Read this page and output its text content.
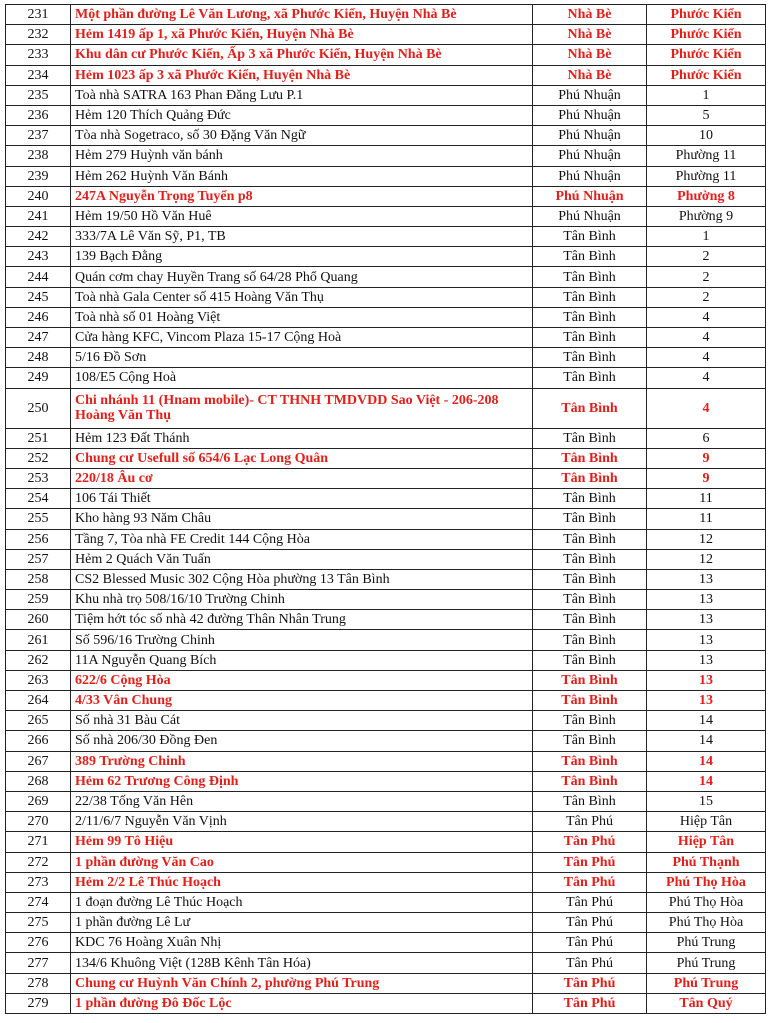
231	Một phần đường Lê Văn Lương, xã Phước Kiển, Huyện Nhà Bè	Nhà Bè	Phước Kiển
232	Hẻm 1419 ấp 1, xã Phước Kiển, Huyện Nhà Bè	Nhà Bè	Phước Kiển
233	Khu dân cư Phước Kiển, Ấp 3 xã Phước Kiển, Huyện Nhà Bè	Nhà Bè	Phước Kiển
234	Hẻm 1023 ấp 3 xã Phước Kiển, Huyện Nhà Bè	Nhà Bè	Phước Kiển
235	Toà nhà SATRA 163 Phan Đăng Lưu P.1	Phú Nhuận	1
236	Hẻm 120 Thích Quảng Đức	Phú Nhuận	5
237	Tòa nhà Sogetraco, số 30 Đặng Văn Ngữ	Phú Nhuận	10
238	Hẻm 279 Huỳnh văn bánh	Phú Nhuận	Phường 11
239	Hẻm 262 Huỳnh Văn Bánh	Phú Nhuận	Phường 11
240	247A Nguyễn Trọng Tuyển p8	Phú Nhuận	Phường 8
241	Hẻm 19/50 Hồ Văn Huê	Phú Nhuận	Phường 9
242	333/7A Lê Văn Sỹ, P1, TB	Tân Bình	1
243	139 Bạch Đằng	Tân Bình	2
244	Quán cơm chay Huyền Trang số 64/28 Phổ Quang	Tân Bình	2
245	Toà nhà Gala Center số 415 Hoàng Văn Thụ	Tân Bình	2
246	Toà nhà số 01 Hoàng Việt	Tân Bình	4
247	Cửa hàng KFC, Vincom Plaza 15-17 Cộng Hoà	Tân Bình	4
248	5/16 Đồ Sơn	Tân Bình	4
249	108/E5 Cộng Hoà	Tân Bình	4
250	Chi nhánh 11 (Hnam mobile)- CT THNH TMDVDD Sao Việt - 206-208 Hoàng Văn Thụ	Tân Bình	4
251	Hẻm 123 Đất Thánh	Tân Bình	6
252	Chung cư Usefull số 654/6 Lạc Long Quân	Tân Bình	9
253	220/18 Âu cơ	Tân Bình	9
254	106 Tái Thiết	Tân Bình	11
255	Kho hàng 93 Năm Châu	Tân Bình	11
256	Tầng 7, Tòa nhà FE Credit 144 Cộng Hòa	Tân Bình	12
257	Hẻm 2 Quách Văn Tuấn	Tân Bình	12
258	CS2 Blessed Music 302 Cộng Hòa phường 13 Tân Bình	Tân Bình	13
259	Khu nhà trọ 508/16/10 Trường Chinh	Tân Bình	13
260	Tiệm hớt tóc số nhà 42 đường Thân Nhân Trung	Tân Bình	13
261	Số 596/16 Trường Chinh	Tân Bình	13
262	11A Nguyễn Quang Bích	Tân Bình	13
263	622/6 Cộng Hòa	Tân Bình	13
264	4/33 Vân Chung	Tân Bình	13
265	Số nhà 31 Bàu Cát	Tân Bình	14
266	Số nhà 206/30 Đồng Đen	Tân Bình	14
267	389 Trường Chinh	Tân Bình	14
268	Hẻm 62 Trương Công Định	Tân Bình	14
269	22/38 Tống Văn Hên	Tân Bình	15
270	2/11/6/7 Nguyễn Văn Vịnh	Tân Phú	Hiệp Tân
271	Hẻm 99 Tô Hiệu	Tân Phú	Hiệp Tân
272	1 phần đường Văn Cao	Tân Phú	Phú Thạnh
273	Hẻm 2/2 Lê Thúc Hoạch	Tân Phú	Phú Thọ Hòa
274	1 đoạn đường Lê Thúc Hoạch	Tân Phú	Phú Thọ Hòa
275	1 phần đường Lê Lư	Tân Phú	Phú Thọ Hòa
276	KDC 76 Hoàng Xuân Nhị	Tân Phú	Phú Trung
277	134/6 Khuông Việt (128B Kênh Tân Hóa)	Tân Phú	Phú Trung
278	Chung cư Huỳnh Văn Chính 2, phường Phú Trung	Tân Phú	Phú Trung
279	1 phần đường Đô Đốc Lộc	Tân Phú	Tân Quý
